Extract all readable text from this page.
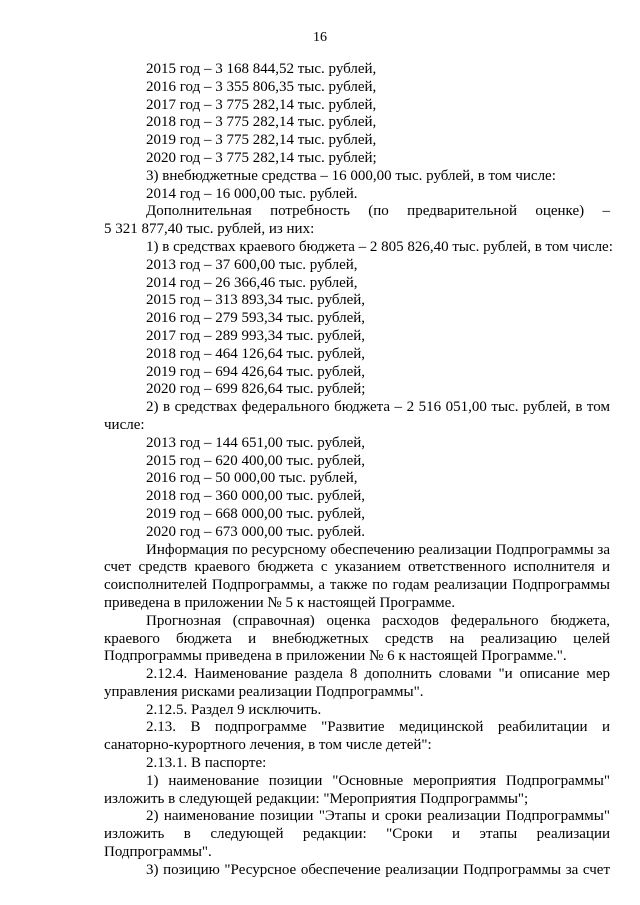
16
2015 год – 3 168 844,52 тыс. рублей,
2016 год – 3 355 806,35 тыс. рублей,
2017 год – 3 775 282,14 тыс. рублей,
2018 год – 3 775 282,14 тыс. рублей,
2019 год – 3 775 282,14 тыс. рублей,
2020 год – 3 775 282,14 тыс. рублей;
3) внебюджетные средства – 16 000,00 тыс. рублей, в том числе:
2014 год – 16 000,00 тыс. рублей.
Дополнительная потребность (по предварительной оценке) –
5 321 877,40 тыс. рублей, из них:
1) в средствах краевого бюджета – 2 805 826,40 тыс. рублей, в том числе:
2013 год – 37 600,00 тыс. рублей,
2014 год – 26 366,46 тыс. рублей,
2015 год – 313 893,34 тыс. рублей,
2016 год – 279 593,34 тыс. рублей,
2017 год – 289 993,34 тыс. рублей,
2018 год – 464 126,64 тыс. рублей,
2019 год – 694 426,64 тыс. рублей,
2020 год – 699 826,64 тыс. рублей;
2) в средствах федерального бюджета – 2 516 051,00 тыс. рублей, в том числе:
2013 год – 144 651,00 тыс. рублей,
2015 год – 620 400,00 тыс. рублей,
2016 год – 50 000,00 тыс. рублей,
2018 год – 360 000,00 тыс. рублей,
2019 год – 668 000,00 тыс. рублей,
2020 год – 673 000,00 тыс. рублей.
Информация по ресурсному обеспечению реализации Подпрограммы за счет средств краевого бюджета с указанием ответственного исполнителя и соисполнителей Подпрограммы, а также по годам реализации Подпрограммы приведена в приложении № 5 к настоящей Программе.
Прогнозная (справочная) оценка расходов федерального бюджета, краевого бюджета и внебюджетных средств на реализацию целей Подпрограммы приведена в приложении № 6 к настоящей Программе.".
2.12.4. Наименование раздела 8 дополнить словами "и описание мер управления рисками реализации Подпрограммы".
2.12.5. Раздел 9 исключить.
2.13. В подпрограмме "Развитие медицинской реабилитации и санаторно-курортного лечения, в том числе детей":
2.13.1. В паспорте:
1) наименование позиции "Основные мероприятия Подпрограммы" изложить в следующей редакции: "Мероприятия Подпрограммы";
2) наименование позиции "Этапы и сроки реализации Подпрограммы" изложить в следующей редакции: "Сроки и этапы реализации Подпрограммы".
3) позицию "Ресурсное обеспечение реализации Подпрограммы за счет
